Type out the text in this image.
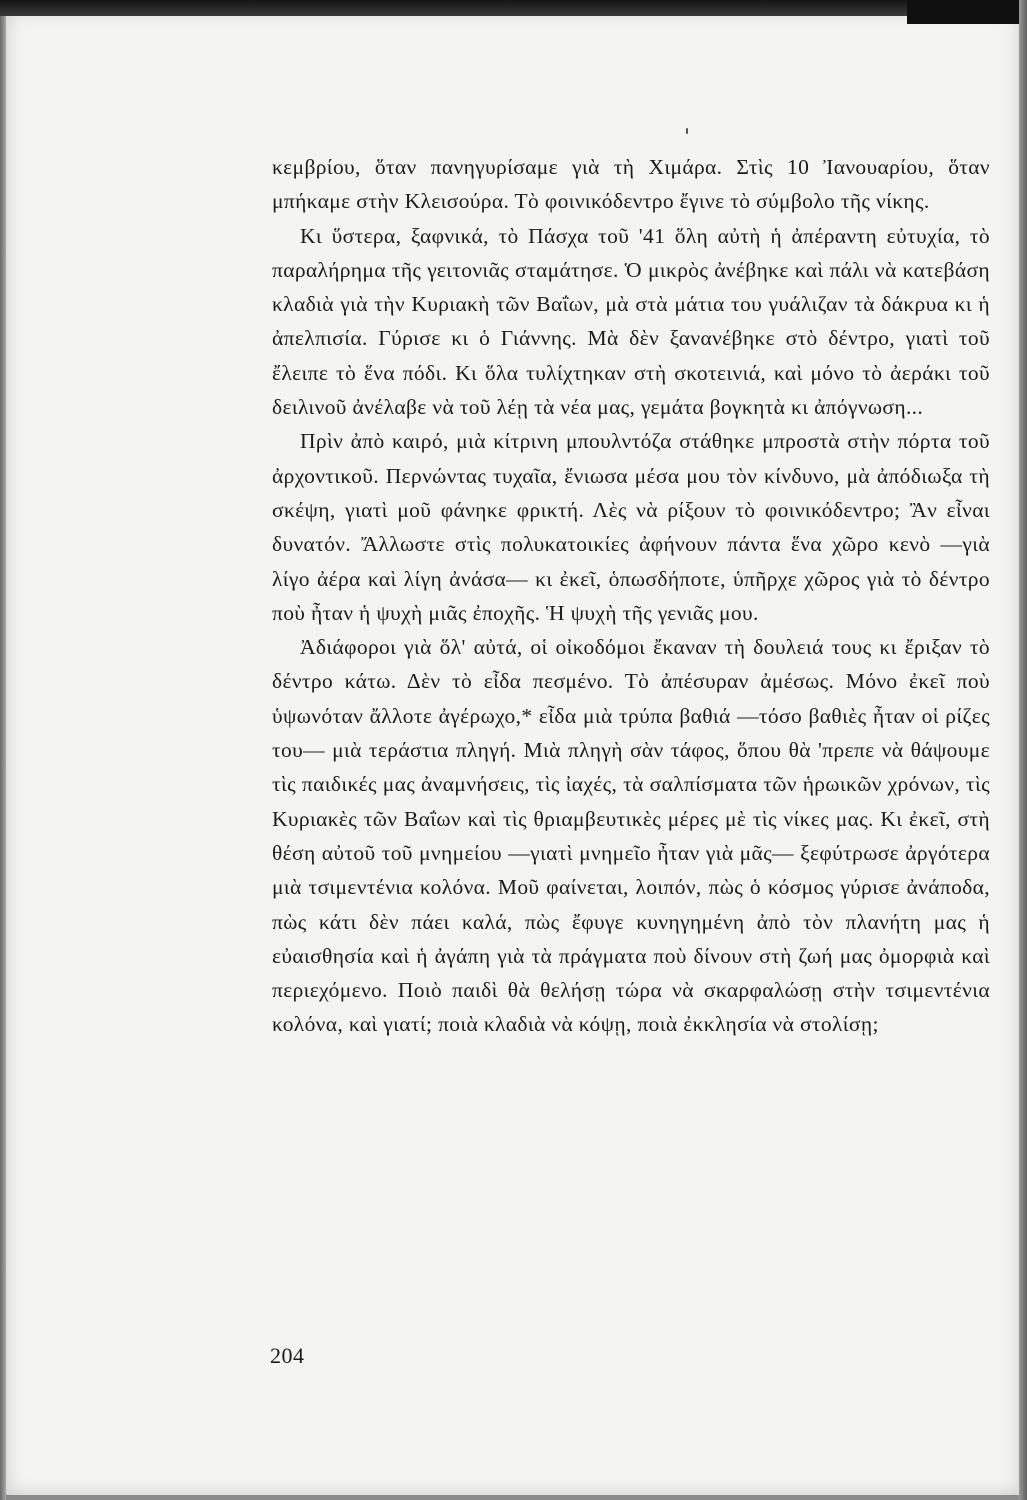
κεμβρίου, ὅταν πανηγυρίσαμε γιὰ τὴ Χιμάρα. Στὶς 10 Ἰανουαρίου, ὅταν μπήκαμε στὴν Κλεισούρα. Τὸ φοινικόδεντρο ἔγινε τὸ σύμβολο τῆς νίκης.

Κι ὕστερα, ξαφνικά, τὸ Πάσχα τοῦ '41 ὅλη αὐτὴ ἡ ἀπέραντη εὐτυχία, τὸ παραλήρημα τῆς γειτονιᾶς σταμάτησε. Ὁ μικρὸς ἀνέβηκε καὶ πάλι νὰ κατεβάση κλαδιὰ γιὰ τὴν Κυριακὴ τῶν Βαΐων, μὰ στὰ μάτια του γυάλιζαν τὰ δάκρυα κι ἡ ἀπελπισία. Γύρισε κι ὁ Γιάννης. Μὰ δὲν ξανανέβηκε στὸ δέντρο, γιατὶ τοῦ ἔλειπε τὸ ἕνα πόδι. Κι ὅλα τυλίχτηκαν στὴ σκοτεινιά, καὶ μόνο τὸ ἀεράκι τοῦ δειλινοῦ ἀνέλαβε νὰ τοῦ λέῃ τὰ νέα μας, γεμάτα βογκητὰ κι ἀπόγνωση...

Πρὶν ἀπὸ καιρό, μιὰ κίτρινη μπουλντόζα στάθηκε μπροστὰ στὴν πόρτα τοῦ ἀρχοντικοῦ. Περνώντας τυχαῖα, ἔνιωσα μέσα μου τὸν κίνδυνο, μὰ ἀπόδιωξα τὴ σκέψη, γιατὶ μοῦ φάνηκε φρικτή. Λὲς νὰ ρίξουν τὸ φοινικόδεντρο; Ἂν εἶναι δυνατόν. Ἄλλωστε στὶς πολυκατοικίες ἀφήνουν πάντα ἕνα χῶρο κενὸ —γιὰ λίγο ἀέρα καὶ λίγη ἀνάσα— κι ἐκεῖ, ὁπωσδήποτε, ὑπῆρχε χῶρος γιὰ τὸ δέντρο ποὺ ἦταν ἡ ψυχὴ μιᾶς ἐποχῆς. Ἡ ψυχὴ τῆς γενιᾶς μου.

Ἀδιάφοροι γιὰ ὅλ' αὐτά, οἱ οἰκοδόμοι ἔκαναν τὴ δουλειά τους κι ἔριξαν τὸ δέντρο κάτω. Δὲν τὸ εἶδα πεσμένο. Τὸ ἀπέσυραν ἀμέσως. Μόνο ἐκεῖ ποὺ ὑψωνόταν ἄλλοτε ἀγέρωχο,* εἶδα μιὰ τρύπα βαθιά —τόσο βαθιὲς ἦταν οἱ ρίζες του— μιὰ τεράστια πληγή. Μιὰ πληγὴ σὰν τάφος, ὅπου θὰ 'πρεπε νὰ θάψουμε τὶς παιδικές μας ἀναμνήσεις, τὶς ἰαχές, τὰ σαλπίσματα τῶν ἡρωικῶν χρόνων, τὶς Κυριακὲς τῶν Βαΐων καὶ τὶς θριαμβευτικὲς μέρες μὲ τὶς νίκες μας. Κι ἐκεῖ, στὴ θέση αὐτοῦ τοῦ μνημείου —γιατὶ μνημεῖο ἦταν γιὰ μᾶς— ξεφύτρωσε ἀργότερα μιὰ τσιμεντένια κολόνα. Μοῦ φαίνεται, λοιπόν, πὼς ὁ κόσμος γύρισε ἀνάποδα, πὼς κάτι δὲν πάει καλά, πὼς ἔφυγε κυνηγημένη ἀπὸ τὸν πλανήτη μας ἡ εὐαισθησία καὶ ἡ ἀγάπη γιὰ τὰ πράγματα ποὺ δίνουν στὴ ζωή μας ὀμορφιὰ καὶ περιεχόμενο. Ποιὸ παιδὶ θὰ θελήσῃ τώρα νὰ σκαρφαλώσῃ στὴν τσιμεντένια κολόνα, καὶ γιατί; ποιὰ κλαδιὰ νὰ κόψῃ, ποιὰ ἐκκλησία νὰ στολίσῃ;

204
